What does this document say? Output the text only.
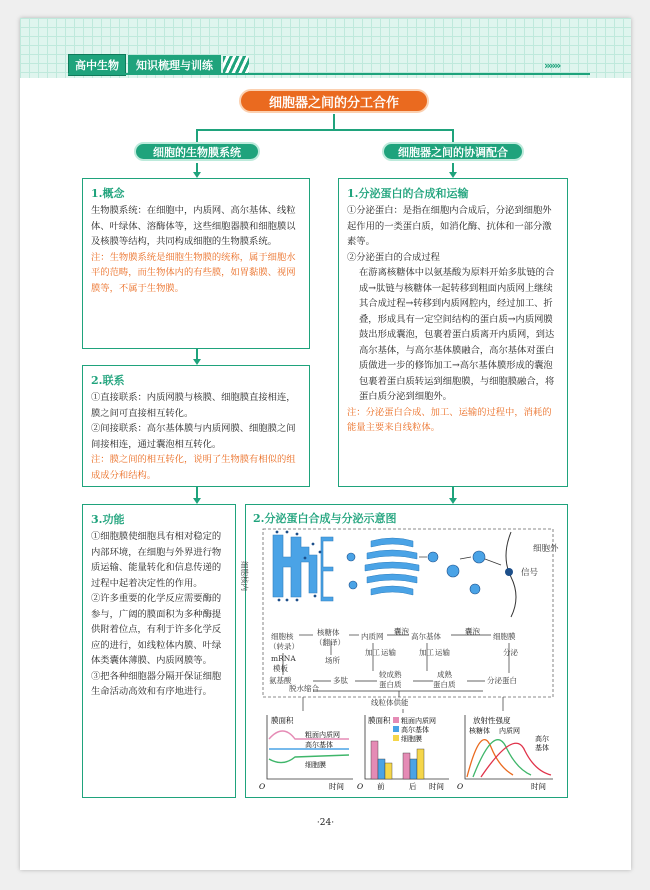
高中生物	知识梳理与训练	»»»
细胞器之间的分工合作
细胞的生物膜系统	细胞器之间的协调配合
1.概念
生物膜系统：在细胞中，内质网、高尔基体、线粒体、叶绿体、溶酶体等，这些细胞器膜和细胞膜以及核膜等结构，共同构成细胞的生物膜系统。
注：生物膜系统是细胞生物膜的统称，属于细胞水平的范畴，而生物体内的有些膜，如胃黏膜、视网膜等，不属于生物膜。
2.联系
①直接联系：内质网膜与核膜、细胞膜直接相连，膜之间可直接相互转化。
②间接联系：高尔基体膜与内质网膜、细胞膜之间间接相连，通过囊泡相互转化。
注：膜之间的相互转化，说明了生物膜有相似的组成成分和结构。
3.功能
①细胞膜使细胞具有相对稳定的内部环境，在细胞与外界进行物质运输、能量转化和信息传递的过程中起着决定性的作用。
②许多重要的化学反应需要酶的参与，广阔的膜面积为多种酶提供附着位点，有利于许多化学反应的进行，如线粒体内膜、叶绿体类囊体薄膜、内质网膜等。
③把各种细胞器分隔开保证细胞生命活动高效和有序地进行。
1.分泌蛋白的合成和运输
①分泌蛋白：是指在细胞内合成后，分泌到细胞外起作用的一类蛋白质，如消化酶、抗体和一部分激素等。
②分泌蛋白的合成过程
在游离核糖体中以氨基酸为原料开始多肽链的合成→肽链与核糖体一起转移到粗面内质网上继续其合成过程→转移到内质网腔内，经过加工、折叠，形成具有一定空间结构的蛋白质→内质网膜鼓出形成囊泡，包裹着蛋白质离开内质网，到达高尔基体，与高尔基体膜融合，高尔基体对蛋白质做进一步的修饰加工→高尔基体膜形成的囊泡包裹着蛋白质转运到细胞膜，与细胞膜融合，将蛋白质分泌到细胞外。
注：分泌蛋白合成、加工、运输的过程中，消耗的能量主要来自线粒体。
2.分泌蛋白合成与分泌示意图
细胞外
信号
细胞核内
细胞核
（转录）
核糖体
（翻译）
内质网	高尔基体	细胞膜
囊泡	囊泡
mRNA
模板
场所
加工 运输	加工 运输	分泌
氨基酸
脱水缩合
多肽
较成熟
蛋白质
成熟
蛋白质	分泌蛋白
线粒体供能
膜面积
时间
O
粗面内质网
高尔基体
细胞膜
粗面内质网
高尔基体
细胞膜
膜面积
前	后 时间
O
放射性强度
核糖体 内质网
高尔
基体
时间
O
·24·
